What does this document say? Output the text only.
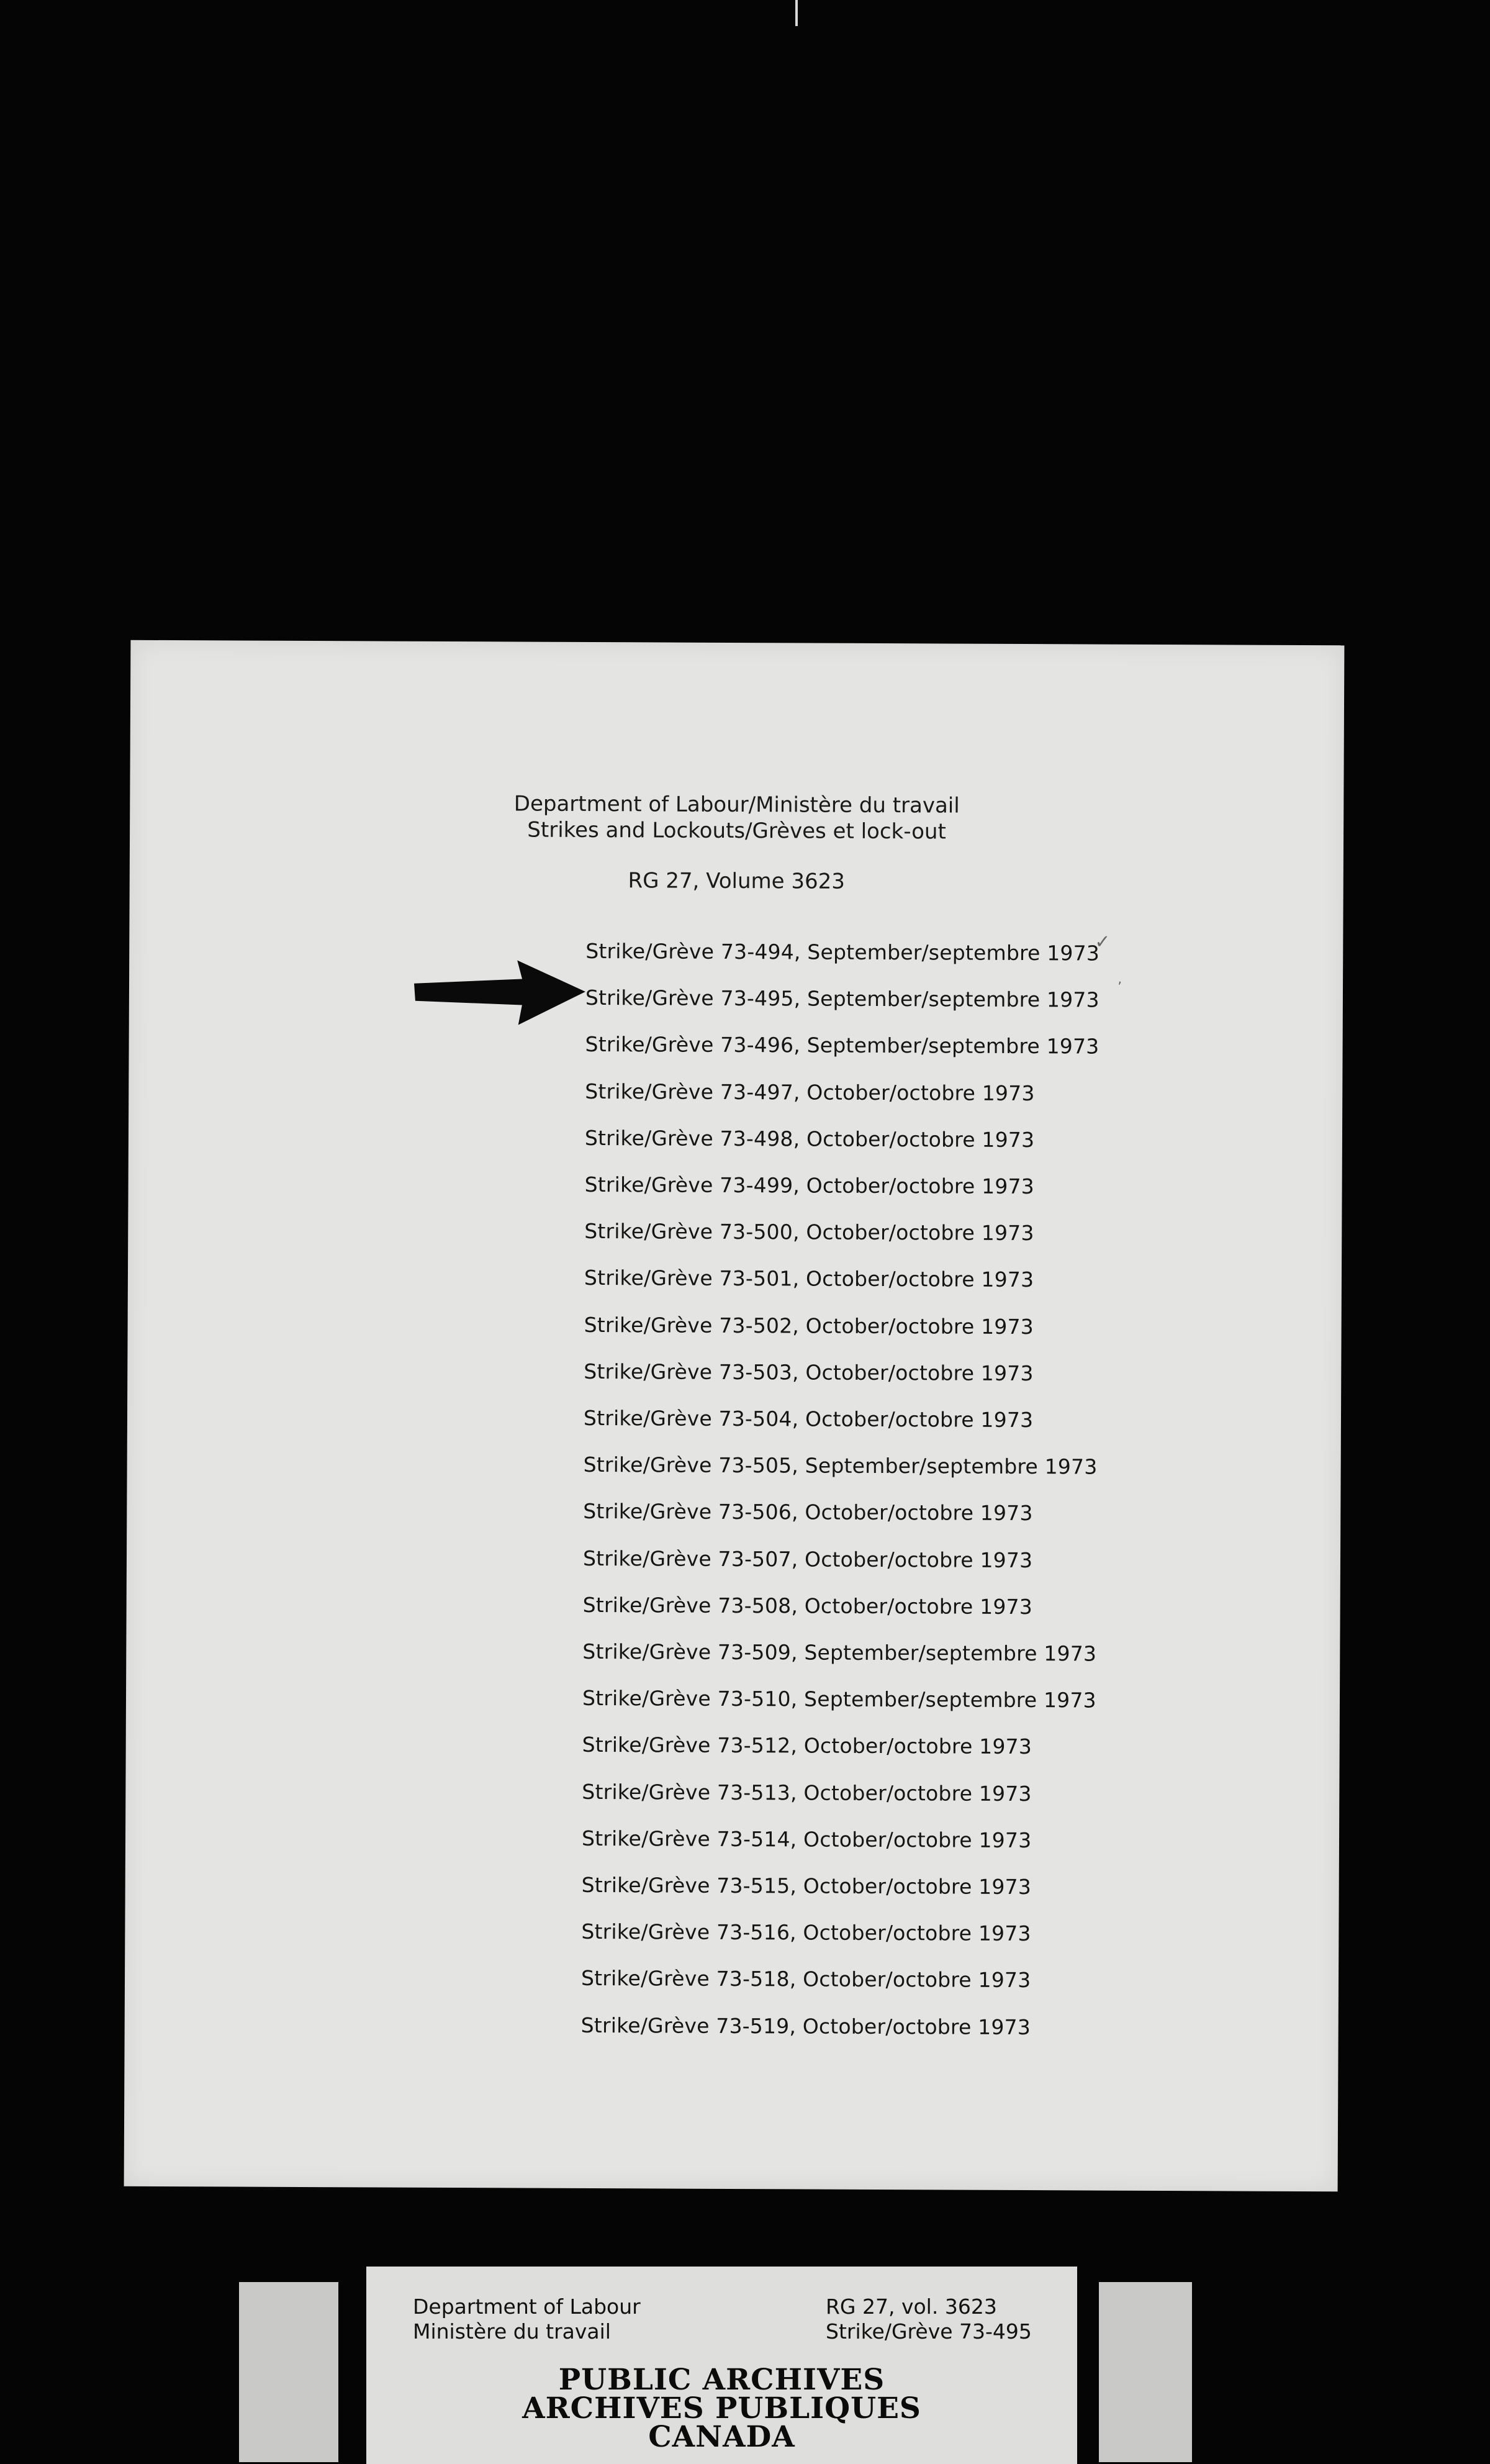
Department of Labour/Ministère du travail
Strikes and Lockouts/Grèves et lock-out
RG 27, Volume 3623
✓
ʼ
Strike/Grève 73-494, September/septembre 1973
Strike/Grève 73-495, September/septembre 1973
Strike/Grève 73-496, September/septembre 1973
Strike/Grève 73-497, October/octobre 1973
Strike/Grève 73-498, October/octobre 1973
Strike/Grève 73-499, October/octobre 1973
Strike/Grève 73-500, October/octobre 1973
Strike/Grève 73-501, October/octobre 1973
Strike/Grève 73-502, October/octobre 1973
Strike/Grève 73-503, October/octobre 1973
Strike/Grève 73-504, October/octobre 1973
Strike/Grève 73-505, September/septembre 1973
Strike/Grève 73-506, October/octobre 1973
Strike/Grève 73-507, October/octobre 1973
Strike/Grève 73-508, October/octobre 1973
Strike/Grève 73-509, September/septembre 1973
Strike/Grève 73-510, September/septembre 1973
Strike/Grève 73-512, October/octobre 1973
Strike/Grève 73-513, October/octobre 1973
Strike/Grève 73-514, October/octobre 1973
Strike/Grève 73-515, October/octobre 1973
Strike/Grève 73-516, October/octobre 1973
Strike/Grève 73-518, October/octobre 1973
Strike/Grève 73-519, October/octobre 1973
Department of Labour
Ministère du travail
RG 27, vol. 3623
Strike/Grève 73-495
PUBLIC ARCHIVES
ARCHIVES PUBLIQUES
CANADA
